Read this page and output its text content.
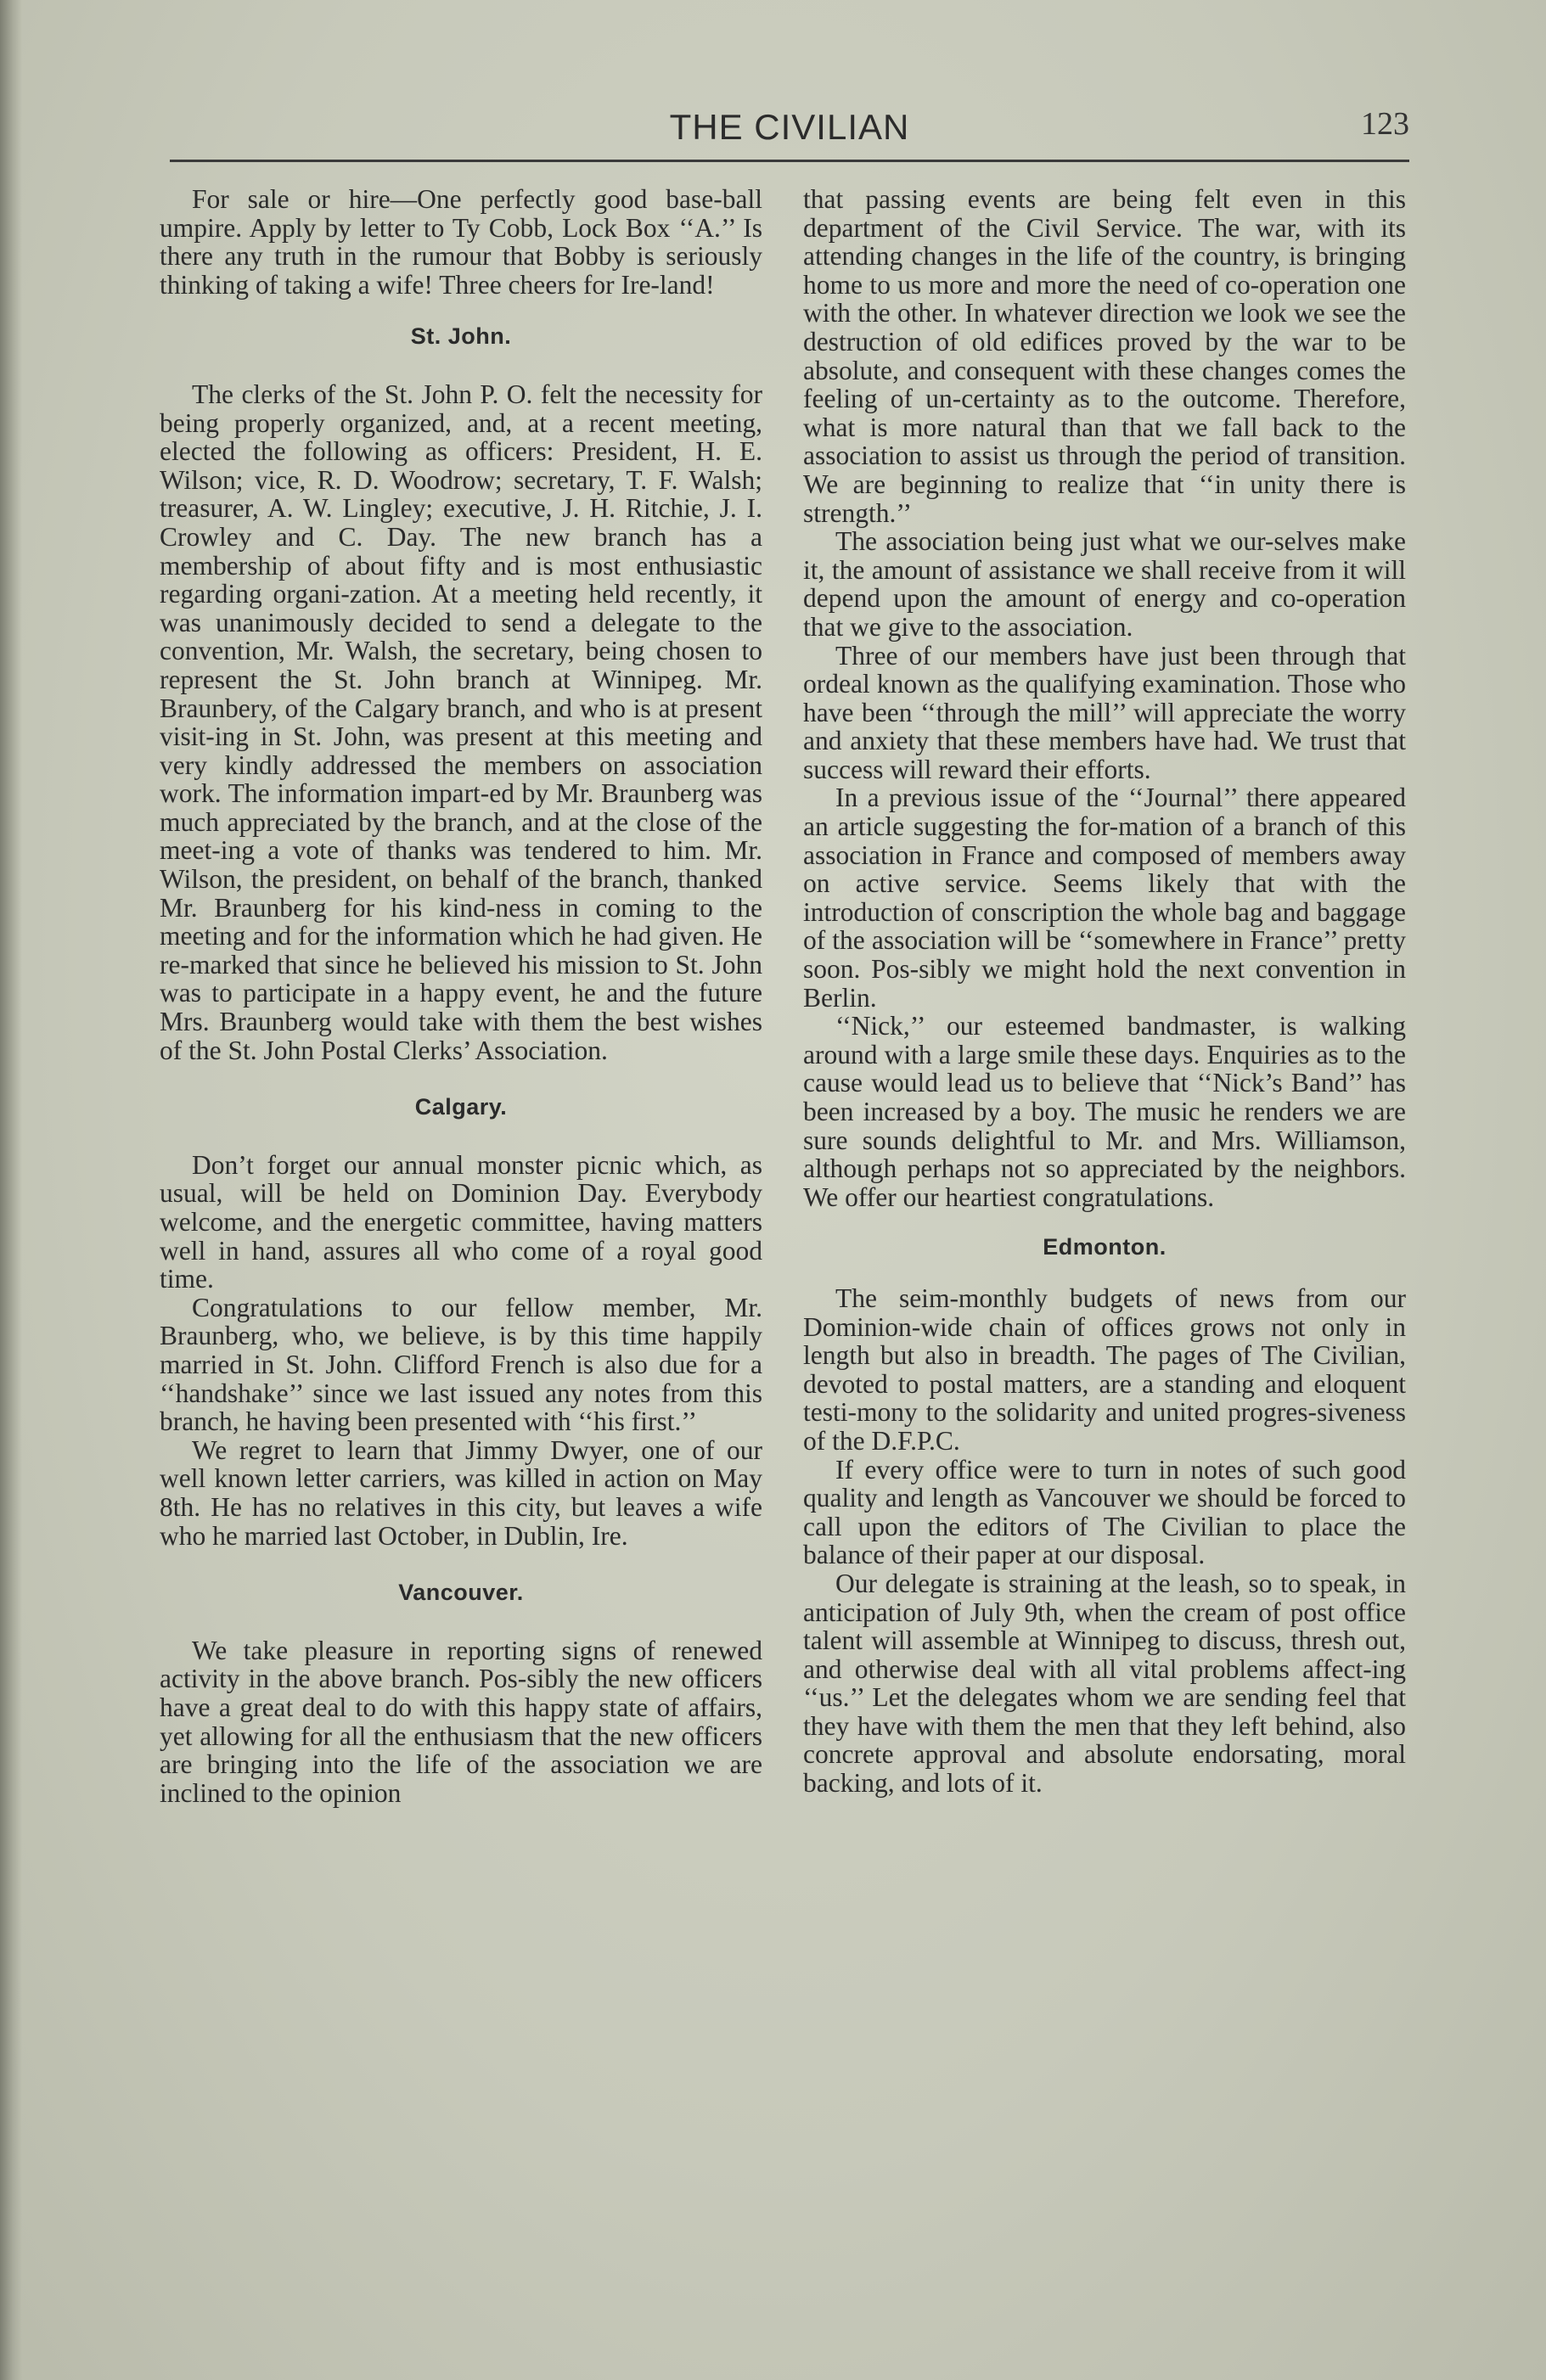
THE CIVILIAN	123

For sale or hire—One perfectly good base-ball umpire. Apply by letter to Ty Cobb, Lock Box ‘‘A.’’ Is there any truth in the rumour that Bobby is seriously thinking of taking a wife! Three cheers for Ire-land!

St. John.

The clerks of the St. John P. O. felt the necessity for being properly organized, and, at a recent meeting, elected the following as officers: President, H. E. Wilson; vice, R. D. Woodrow; secretary, T. F. Walsh; treasurer, A. W. Lingley; executive, J. H. Ritchie, J. I. Crowley and C. Day. The new branch has a membership of about fifty and is most enthusiastic regarding organi-zation. At a meeting held recently, it was unanimously decided to send a delegate to the convention, Mr. Walsh, the secretary, being chosen to represent the St. John branch at Winnipeg. Mr. Braunbery, of the Calgary branch, and who is at present visit-ing in St. John, was present at this meeting and very kindly addressed the members on association work. The information impart-ed by Mr. Braunberg was much appreciated by the branch, and at the close of the meet-ing a vote of thanks was tendered to him. Mr. Wilson, the president, on behalf of the branch, thanked Mr. Braunberg for his kind-ness in coming to the meeting and for the information which he had given. He re-marked that since he believed his mission to St. John was to participate in a happy event, he and the future Mrs. Braunberg would take with them the best wishes of the St. John Postal Clerks’ Association.

Calgary.

Don’t forget our annual monster picnic which, as usual, will be held on Dominion Day. Everybody welcome, and the energetic committee, having matters well in hand, assures all who come of a royal good time.

Congratulations to our fellow member, Mr. Braunberg, who, we believe, is by this time happily married in St. John. Clifford French is also due for a ‘‘handshake’’ since we last issued any notes from this branch, he having been presented with ‘‘his first.’’

We regret to learn that Jimmy Dwyer, one of our well known letter carriers, was killed in action on May 8th. He has no relatives in this city, but leaves a wife who he married last October, in Dublin, Ire.

Vancouver.

We take pleasure in reporting signs of renewed activity in the above branch. Pos-sibly the new officers have a great deal to do with this happy state of affairs, yet allowing for all the enthusiasm that the new officers are bringing into the life of the association we are inclined to the opinion

that passing events are being felt even in this department of the Civil Service. The war, with its attending changes in the life of the country, is bringing home to us more and more the need of co-operation one with the other. In whatever direction we look we see the destruction of old edifices proved by the war to be absolute, and consequent with these changes comes the feeling of un-certainty as to the outcome. Therefore, what is more natural than that we fall back to the association to assist us through the period of transition. We are beginning to realize that ‘‘in unity there is strength.’’

The association being just what we our-selves make it, the amount of assistance we shall receive from it will depend upon the amount of energy and co-operation that we give to the association.

Three of our members have just been through that ordeal known as the qualifying examination. Those who have been ‘‘through the mill’’ will appreciate the worry and anxiety that these members have had. We trust that success will reward their efforts.

In a previous issue of the ‘‘Journal’’ there appeared an article suggesting the for-mation of a branch of this association in France and composed of members away on active service. Seems likely that with the introduction of conscription the whole bag and baggage of the association will be ‘‘somewhere in France’’ pretty soon. Pos-sibly we might hold the next convention in Berlin.

‘‘Nick,’’ our esteemed bandmaster, is walking around with a large smile these days. Enquiries as to the cause would lead us to believe that ‘‘Nick’s Band’’ has been increased by a boy. The music he renders we are sure sounds delightful to Mr. and Mrs. Williamson, although perhaps not so appreciated by the neighbors. We offer our heartiest congratulations.

Edmonton.

The seim-monthly budgets of news from our Dominion-wide chain of offices grows not only in length but also in breadth. The pages of The Civilian, devoted to postal matters, are a standing and eloquent testi-mony to the solidarity and united progres-siveness of the D.F.P.C.

If every office were to turn in notes of such good quality and length as Vancouver we should be forced to call upon the editors of The Civilian to place the balance of their paper at our disposal.

Our delegate is straining at the leash, so to speak, in anticipation of July 9th, when the cream of post office talent will assemble at Winnipeg to discuss, thresh out, and otherwise deal with all vital problems affect-ing ‘‘us.’’ Let the delegates whom we are sending feel that they have with them the men that they left behind, also concrete approval and absolute endorsating, moral backing, and lots of it.
